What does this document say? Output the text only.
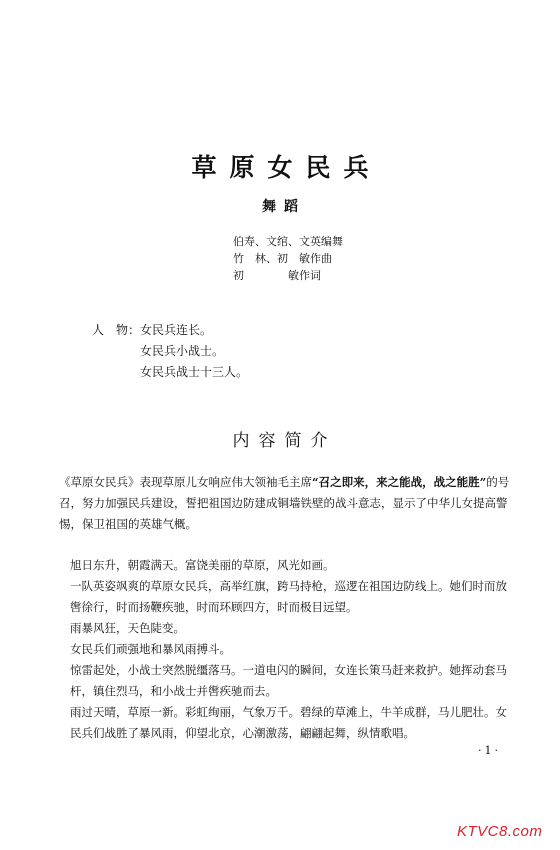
草原女民兵
舞蹈
伯寿、文绾、文英编舞
竹　林、初　敏作曲
初　　　　敏作词
人　物：女民兵连长。
女民兵小战士。
女民兵战士十三人。
内容简介

《草原女民兵》表现草原儿女响应伟大领袖毛主席“召之即来，来之能战，战之能胜”的号召，努力加强民兵建设，誓把祖国边防建成铜墙铁壁的战斗意志，显示了中华儿女提高警惕，保卫祖国的英雄气概。

旭日东升，朝霞满天。富饶美丽的草原，风光如画。

一队英姿飒爽的草原女民兵，高举红旗，跨马持枪，巡逻在祖国边防线上。她们时而放辔徐行，时而扬鞭疾驰，时而环顾四方，时而极目远望。

雨暴风狂，天色陡变。

女民兵们顽强地和暴风雨搏斗。

惊雷起处，小战士突然脱缰落马。一道电闪的瞬间，女连长策马赶来救护。她挥动套马杆，镇住烈马，和小战士并辔疾驰而去。

雨过天晴，草原一新。彩虹绚丽，气象万千。碧绿的草滩上，牛羊成群，马儿肥壮。女民兵们战胜了暴风雨，仰望北京，心潮激荡，翩翩起舞，纵情歌唱。

·1·
KTVC8.com
